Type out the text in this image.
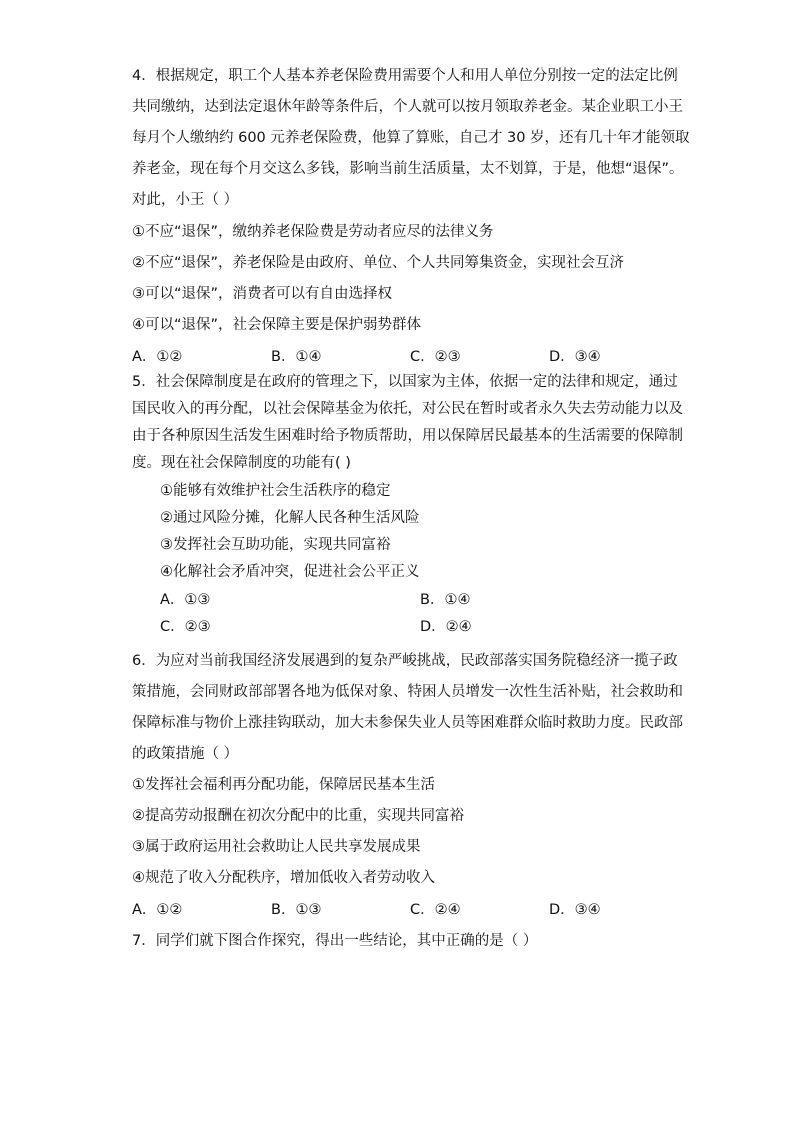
4．根据规定，职工个人基本养老保险费用需要个人和用人单位分别按一定的法定比例
共同缴纳，达到法定退休年龄等条件后，个人就可以按月领取养老金。某企业职工小王
每月个人缴纳约 600 元养老保险费，他算了算账，自己才 30 岁，还有几十年才能领取
养老金，现在每个月交这么多钱，影响当前生活质量，太不划算，于是，他想“退保”。
对此，小王（ ）
①不应“退保”，缴纳养老保险费是劳动者应尽的法律义务
②不应“退保”，养老保险是由政府、单位、个人共同筹集资金，实现社会互济
③可以“退保”，消费者可以有自由选择权
④可以“退保”，社会保障主要是保护弱势群体
A．①②	B．①④	C．②③	D．③④
5．社会保障制度是在政府的管理之下，以国家为主体，依据一定的法律和规定，通过
国民收入的再分配，以社会保障基金为依托，对公民在暂时或者永久失去劳动能力以及
由于各种原因生活发生困难时给予物质帮助，用以保障居民最基本的生活需要的保障制
度。现在社会保障制度的功能有( )
①能够有效维护社会生活秩序的稳定
②通过风险分摊，化解人民各种生活风险
③发挥社会互助功能，实现共同富裕
④化解社会矛盾冲突，促进社会公平正义
A．①③	B．①④
C．②③	D．②④
6．为应对当前我国经济发展遇到的复杂严峻挑战，民政部落实国务院稳经济一揽子政
策措施，会同财政部部署各地为低保对象、特困人员增发一次性生活补贴，社会救助和
保障标准与物价上涨挂钩联动，加大未参保失业人员等困难群众临时救助力度。民政部
的政策措施（ ）
①发挥社会福利再分配功能，保障居民基本生活
②提高劳动报酬在初次分配中的比重，实现共同富裕
③属于政府运用社会救助让人民共享发展成果
④规范了收入分配秩序，增加低收入者劳动收入
A．①②	B．①③	C．②④	D．③④
7．同学们就下图合作探究，得出一些结论，其中正确的是（ ）
